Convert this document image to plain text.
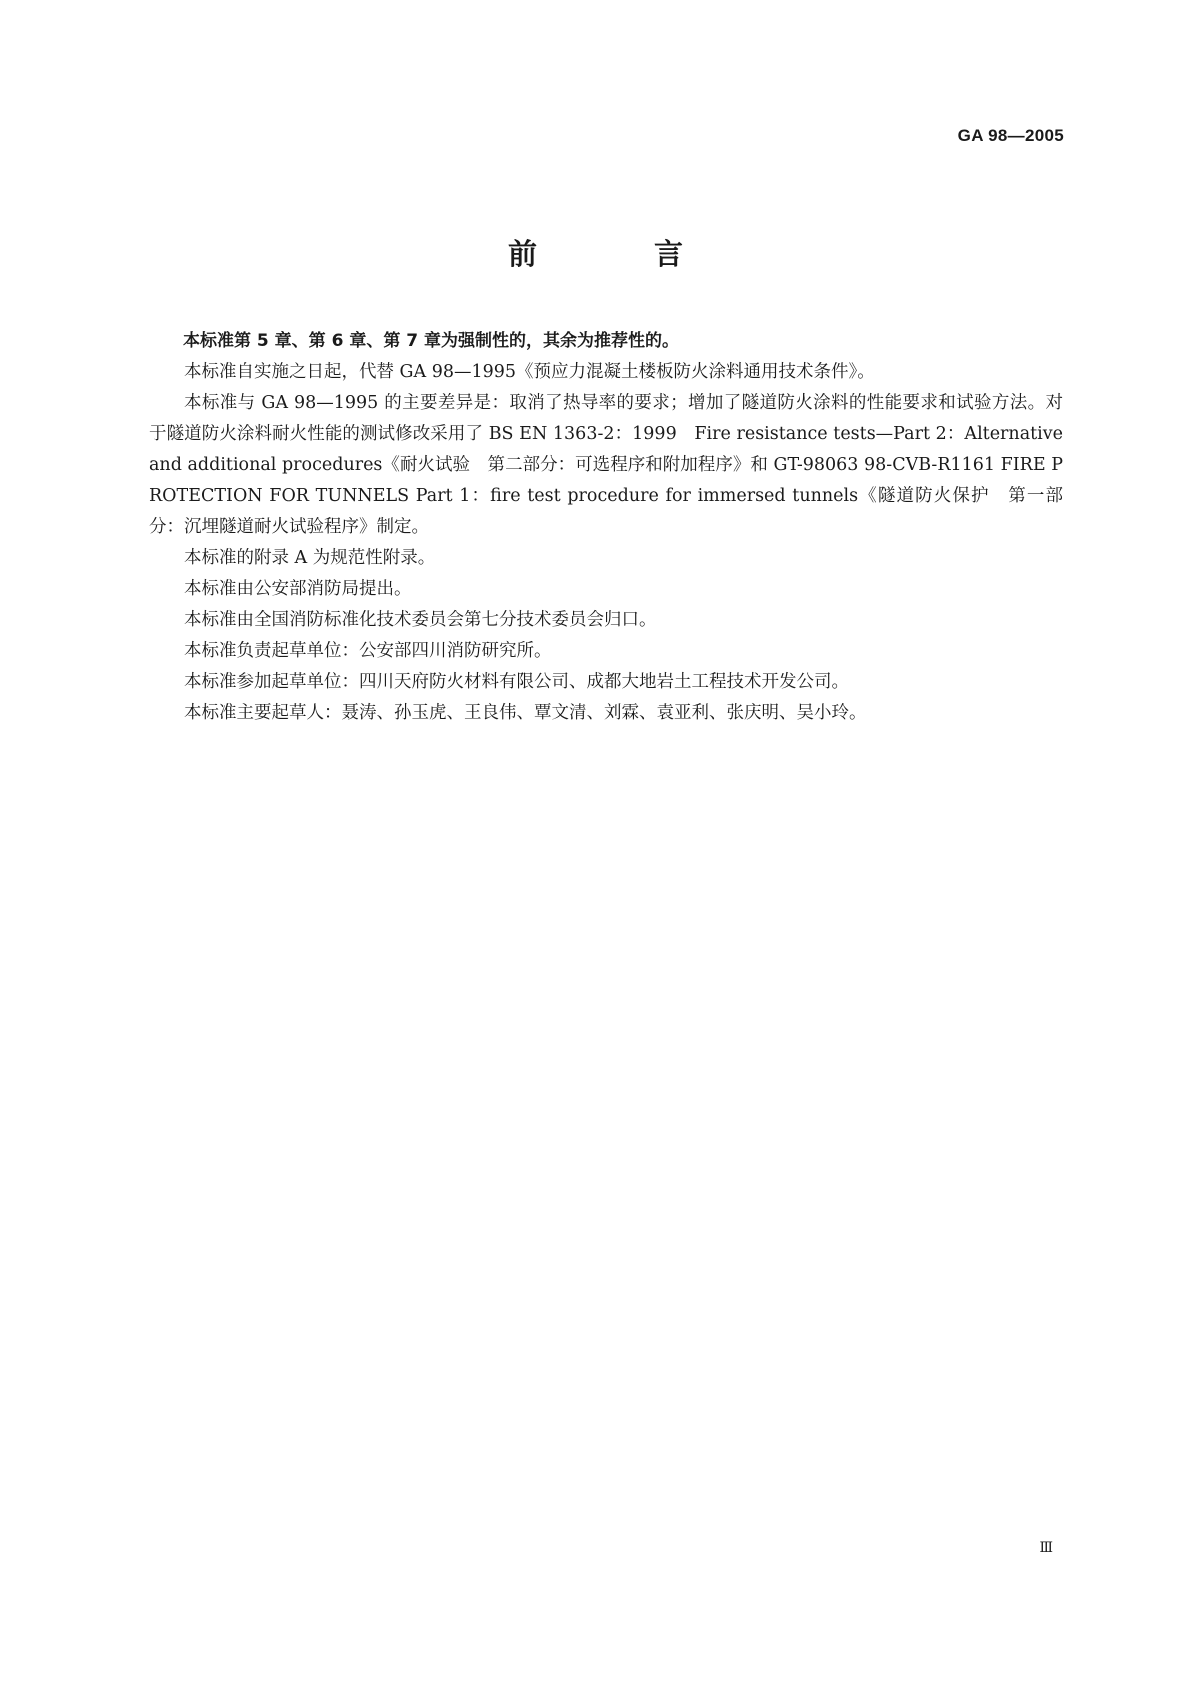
GA 98—2005
前　言

本标准第 5 章、第 6 章、第 7 章为强制性的，其余为推荐性的。

本标准自实施之日起，代替 GA 98—1995《预应力混凝土楼板防火涂料通用技术条件》。

本标准与 GA 98—1995 的主要差异是：取消了热导率的要求；增加了隧道防火涂料的性能要求和试验方法。对于隧道防火涂料耐火性能的测试修改采用了 BS EN 1363-2：1999　Fire resistance tests—Part 2：Alternative and additional procedures《耐火试验　第二部分：可选程序和附加程序》和 GT-98063 98-CVB-R1161 FIRE PROTECTION FOR TUNNELS Part 1：fire test procedure for immersed tunnels《隧道防火保护　第一部分：沉埋隧道耐火试验程序》制定。

本标准的附录 A 为规范性附录。

本标准由公安部消防局提出。

本标准由全国消防标准化技术委员会第七分技术委员会归口。

本标准负责起草单位：公安部四川消防研究所。

本标准参加起草单位：四川天府防火材料有限公司、成都大地岩土工程技术开发公司。

本标准主要起草人：聂涛、孙玉虎、王良伟、覃文清、刘霖、袁亚利、张庆明、吴小玲。

Ⅲ
